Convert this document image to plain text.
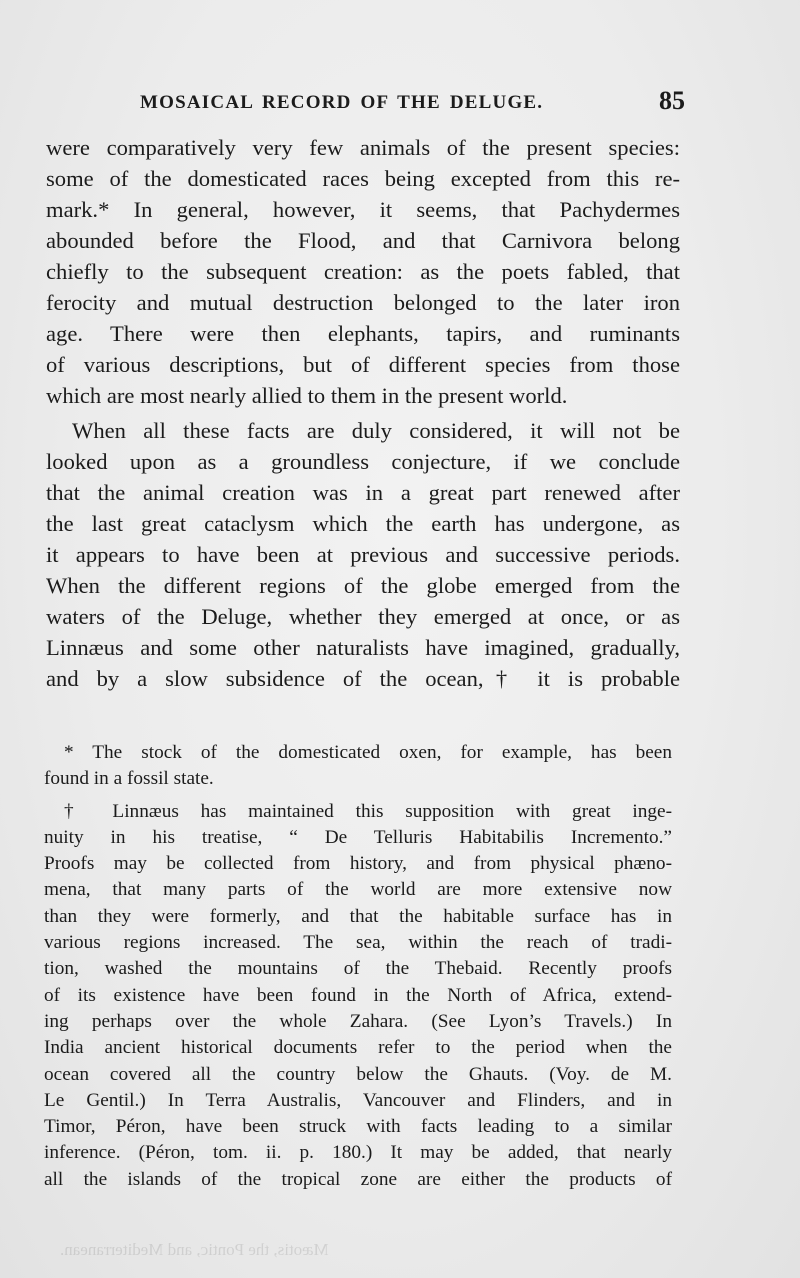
Mæotis, the Pontic, and Mediterranean.
MOSAICAL RECORD OF THE DELUGE.	85
were comparatively very few animals of the present species:
some of the domesticated races being excepted from this re-
mark.* In general, however, it seems, that Pachydermes
abounded before the Flood, and that Carnivora belong
chiefly to the subsequent creation: as the poets fabled, that
ferocity and mutual destruction belonged to the later iron
age. There were then elephants, tapirs, and ruminants
of various descriptions, but of different species from those
which are most nearly allied to them in the present world.
When all these facts are duly considered, it will not be
looked upon as a groundless conjecture, if we conclude
that the animal creation was in a great part renewed after
the last great cataclysm which the earth has undergone, as
it appears to have been at previous and successive periods.
When the different regions of the globe emerged from the
waters of the Deluge, whether they emerged at once, or as
Linnæus and some other naturalists have imagined, gradually,
and by a slow subsidence of the ocean,† it is probable
* The stock of the domesticated oxen, for example, has been
found in a fossil state.
† Linnæus has maintained this supposition with great inge-
nuity in his treatise, “ De Telluris Habitabilis Incremento.”
Proofs may be collected from history, and from physical phæno-
mena, that many parts of the world are more extensive now
than they were formerly, and that the habitable surface has in
various regions increased. The sea, within the reach of tradi-
tion, washed the mountains of the Thebaid. Recently proofs
of its existence have been found in the North of Africa, extend-
ing perhaps over the whole Zahara. (See Lyon’s Travels.) In
India ancient historical documents refer to the period when the
ocean covered all the country below the Ghauts. (Voy. de M.
Le Gentil.) In Terra Australis, Vancouver and Flinders, and in
Timor, Péron, have been struck with facts leading to a similar
inference. (Péron, tom. ii. p. 180.) It may be added, that nearly
all the islands of the tropical zone are either the products of
